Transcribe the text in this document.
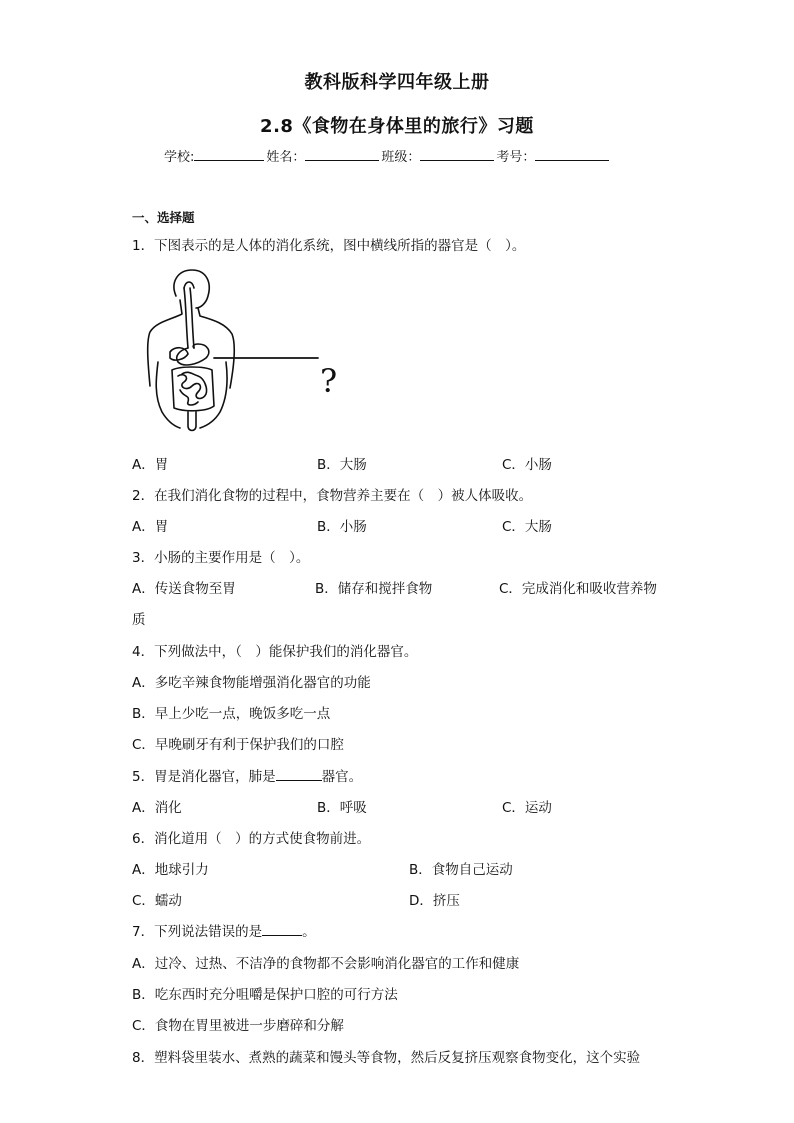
教科版科学四年级上册
2.8《食物在身体里的旅行》习题
学校:	姓名：	班级：	考号：
一、选择题
1．下图表示的是人体的消化系统，图中横线所指的器官是（　）。
?
A．胃	B．大肠	C．小肠
2．在我们消化食物的过程中，食物营养主要在（　）被人体吸收。
A．胃	B．小肠	C．大肠
3．小肠的主要作用是（　）。
A．传送食物至胃	B．储存和搅拌食物	C．完成消化和吸收营养物
质
4．下列做法中，（　）能保护我们的消化器官。
A．多吃辛辣食物能增强消化器官的功能
B．早上少吃一点，晚饭多吃一点
C．早晚刷牙有利于保护我们的口腔
5．胃是消化器官，肺是	器官。
A．消化	B．呼吸	C．运动
6．消化道用（　）的方式使食物前进。
A．地球引力	B．食物自己运动
C．蠕动	D．挤压
7．下列说法错误的是	。
A．过冷、过热、不洁净的食物都不会影响消化器官的工作和健康
B．吃东西时充分咀嚼是保护口腔的可行方法
C．食物在胃里被进一步磨碎和分解
8．塑料袋里装水、煮熟的蔬菜和馒头等食物，然后反复挤压观察食物变化，这个实验
